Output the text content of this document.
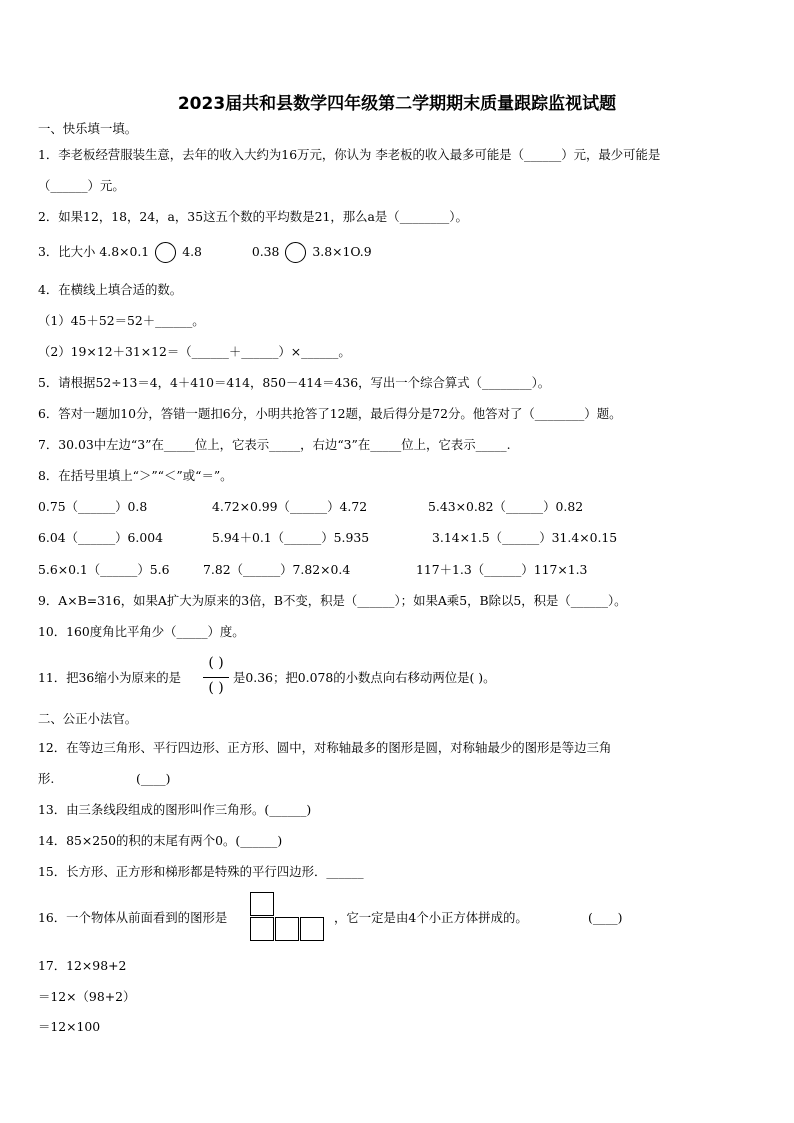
2023届共和县数学四年级第二学期期末质量跟踪监视试题
一、快乐填一填。
1．李老板经营服装生意，去年的收入大约为16万元，你认为 李老板的收入最多可能是（______）元，最少可能是
（______）元。
2．如果12，18，24，a，35这五个数的平均数是21，那么a是（________）。
3．比大小 4.8×0.1	4.8	0.38	3.8×1O.9
4．在横线上填合适的数。
（1）45＋52＝52＋______。
（2）19×12＋31×12＝（______＋______）×______。
5．请根据52÷13＝4，4＋410＝414，850－414＝436，写出一个综合算式（________）。
6．答对一题加10分，答错一题扣6分，小明共抢答了12题，最后得分是72分。他答对了（________）题。
7．30.03中左边“3”在_____位上，它表示_____，右边“3”在_____位上，它表示_____.
8．在括号里填上“＞”“＜”或“＝”。
0.75（______）0.8	4.72×0.99（______）4.72	5.43×0.82（______）0.82
6.04（______）6.004	5.94＋0.1（______）5.935	3.14×1.5（______）31.4×0.15
5.6×0.1（______）5.6	7.82（______）7.82×0.4	117＋1.3（______）117×1.3
9．A×B=316，如果A扩大为原来的3倍，B不变，积是（______）；如果A乘5，B除以5，积是（______）。
10．160度角比平角少（_____）度。
11．把36缩小为原来的是
( )
( )
是0.36；把0.078的小数点向右移动两位是( )。
二、公正小法官。
12．在等边三角形、平行四边形、正方形、圆中，对称轴最多的图形是圆，对称轴最少的图形是等边三角
形.	(____)
13．由三条线段组成的图形叫作三角形。(______)
14．85×250的积的末尾有两个0。(______)
15．长方形、正方形和梯形都是特殊的平行四边形．______
16．一个物体从前面看到的图形是	，它一定是由4个小正方体拼成的。	(____)
17．12×98+2
＝12×（98+2）
＝12×100
